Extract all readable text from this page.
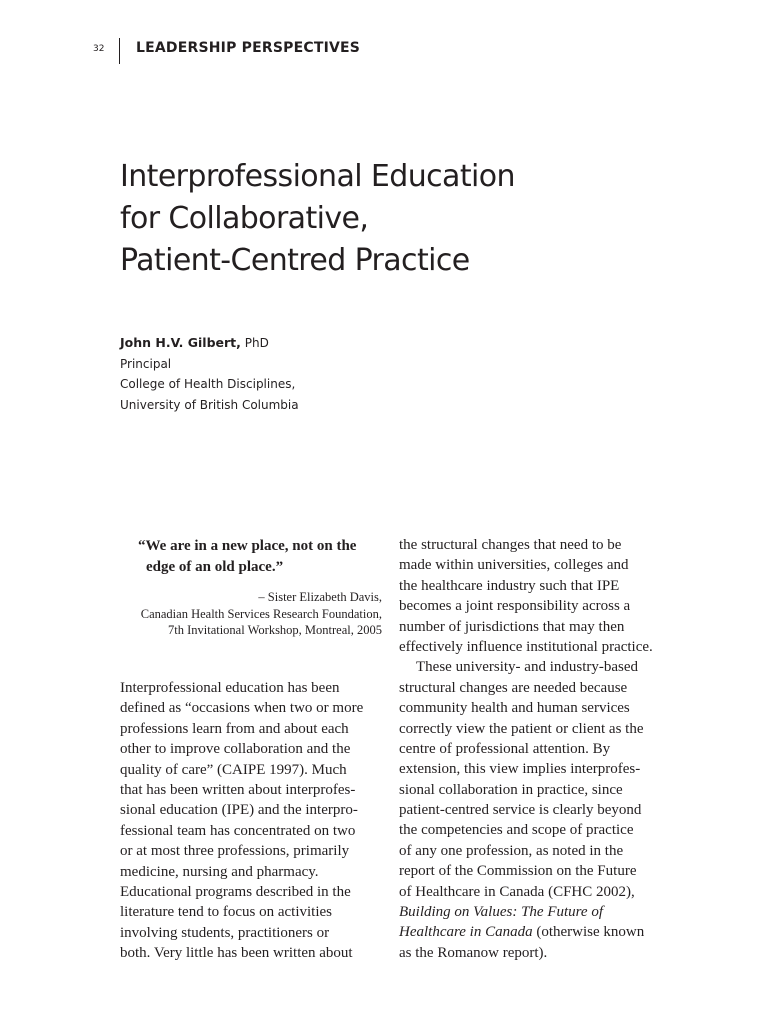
32 LEADERSHIP PERSPECTIVES
Interprofessional Education
for Collaborative,
Patient-Centred Practice
John H.V. Gilbert, PhD
Principal
College of Health Disciplines,
University of British Columbia
“We are in a new place, not on the
edge of an old place.”
– Sister Elizabeth Davis,
Canadian Health Services Research Foundation,
7th Invitational Workshop, Montreal, 2005
Interprofessional education has been
defined as “occasions when two or more
professions learn from and about each
other to improve collaboration and the
quality of care” (CAIPE 1997). Much
that has been written about interprofes-
sional education (IPE) and the interpro-
fessional team has concentrated on two
or at most three professions, primarily
medicine, nursing and pharmacy.
Educational programs described in the
literature tend to focus on activities
involving students, practitioners or
both. Very little has been written about
the structural changes that need to be
made within universities, colleges and
the healthcare industry such that IPE
becomes a joint responsibility across a
number of jurisdictions that may then
effectively influence institutional practice.
These university- and industry-based
structural changes are needed because
community health and human services
correctly view the patient or client as the
centre of professional attention. By
extension, this view implies interprofes-
sional collaboration in practice, since
patient-centred service is clearly beyond
the competencies and scope of practice
of any one profession, as noted in the
report of the Commission on the Future
of Healthcare in Canada (CFHC 2002),
Building on Values: The Future of
Healthcare in Canada (otherwise known
as the Romanow report).
